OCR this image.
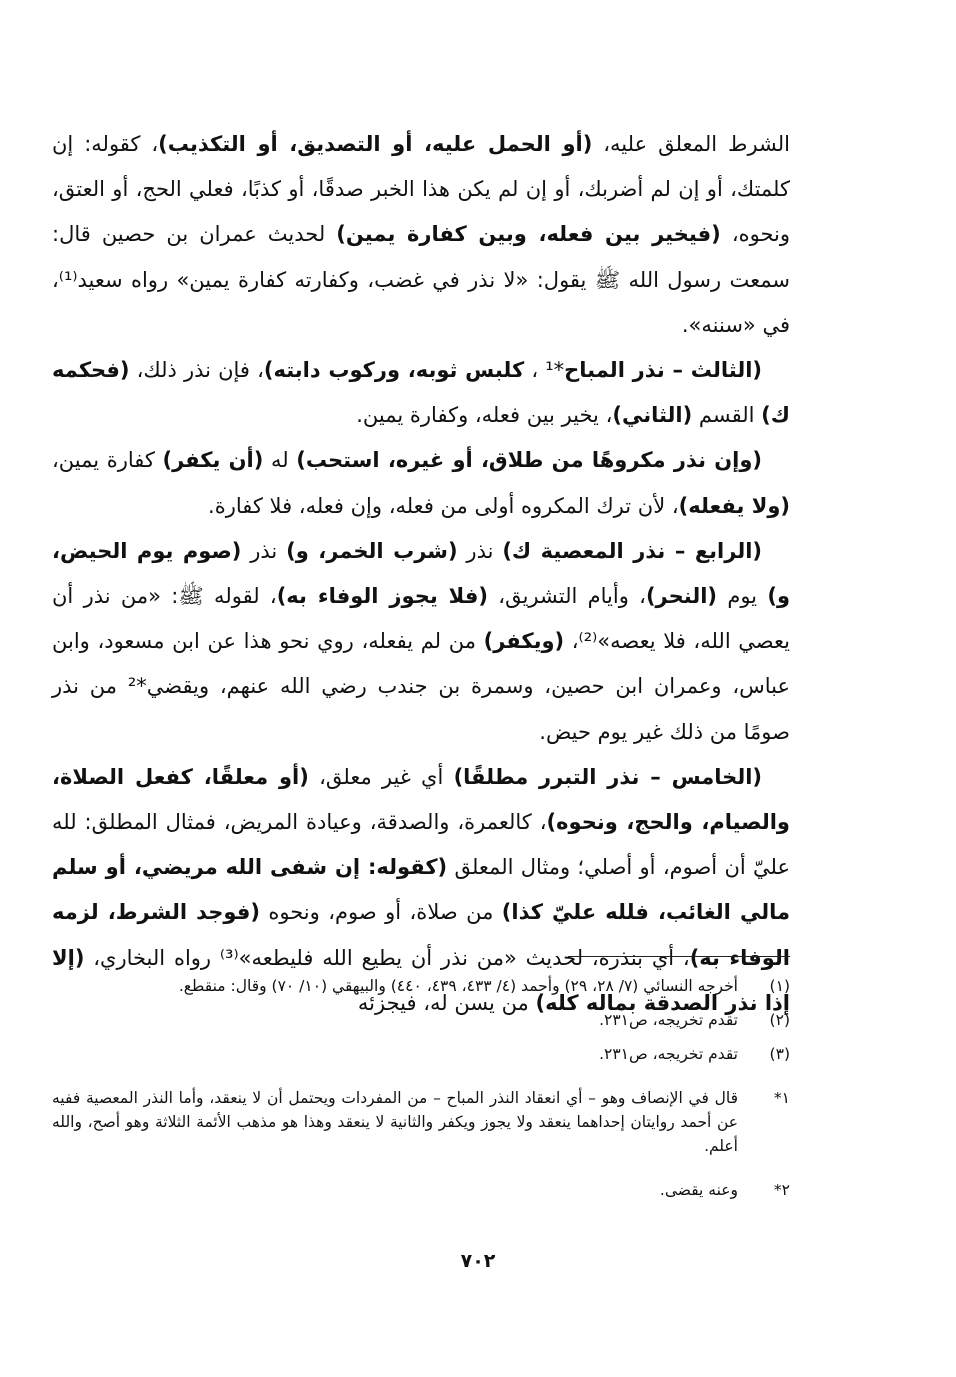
الشرط المعلق عليه، (أو الحمل عليه، أو التصديق، أو التكذيب)، كقوله: إن كلمتك، أو إن لم أضربك، أو إن لم يكن هذا الخبر صدقًا، أو كذبًا، فعلي الحج، أو العتق، ونحوه، (فيخير بين فعله، وبين كفارة يمين) لحديث عمران بن حصين قال: سمعت رسول الله ﷺ يقول: «لا نذر في غضب، وكفارته كفارة يمين» رواه سعيد⁽¹⁾، في «سننه».

(الثالث – نذر المباح*¹ ، كلبس ثوبه، وركوب دابته)، فإن نذر ذلك، (فحكمه ك) القسم (الثاني)، يخير بين فعله، وكفارة يمين.

(وإن نذر مكروهًا من طلاق، أو غيره، استحب) له (أن يكفر) كفارة يمين، (ولا يفعله)، لأن ترك المكروه أولى من فعله، وإن فعله، فلا كفارة.

(الرابع – نذر المعصية ك) نذر (شرب الخمر، و) نذر (صوم يوم الحيض، و) يوم (النحر)، وأيام التشريق، (فلا يجوز الوفاء به)، لقوله ﷺ: «من نذر أن يعصي الله، فلا يعصه»⁽²⁾، (ويكفر) من لم يفعله، روي نحو هذا عن ابن مسعود، وابن عباس، وعمران ابن حصين، وسمرة بن جندب رضي الله عنهم، ويقضي*² من نذر صومًا من ذلك غير يوم حيض.

(الخامس – نذر التبرر مطلقًا) أي غير معلق، (أو معلقًا، كفعل الصلاة، والصيام، والحج، ونحوه)، كالعمرة، والصدقة، وعيادة المريض، فمثال المطلق: لله عليّ أن أصوم، أو أصلي؛ ومثال المعلق (كقوله: إن شفى الله مريضي، أو سلم مالي الغائب، فلله عليّ كذا) من صلاة، أو صوم، ونحوه (فوجد الشرط، لزمه الوفاء به)، أي بنذره، لحديث «من نذر أن يطيع الله فليطعه»⁽³⁾ رواه البخاري، (إلا إذا نذر الصدقة بماله كله) من يسن له، فيجزئه

(١)
أخرجه النسائي (٧/ ٢٨، ٢٩) وأحمد (٤/ ٤٣٣، ٤٣٩، ٤٤٠) والبيهقي (١٠/ ٧٠) وقال: منقطع.
(٢)
تقدم تخريجه، ص٢٣١.
(٣)
تقدم تخريجه، ص٢٣١.
١*
قال في الإنصاف وهو – أي انعقاد النذر المباح – من المفردات ويحتمل أن لا ينعقد، وأما النذر المعصية ففيه عن أحمد روايتان إحداهما ينعقد ولا يجوز ويكفر والثانية لا ينعقد وهذا هو مذهب الأئمة الثلاثة وهو أصح، والله أعلم.
٢*
وعنه يقضى.
٧٠٢
